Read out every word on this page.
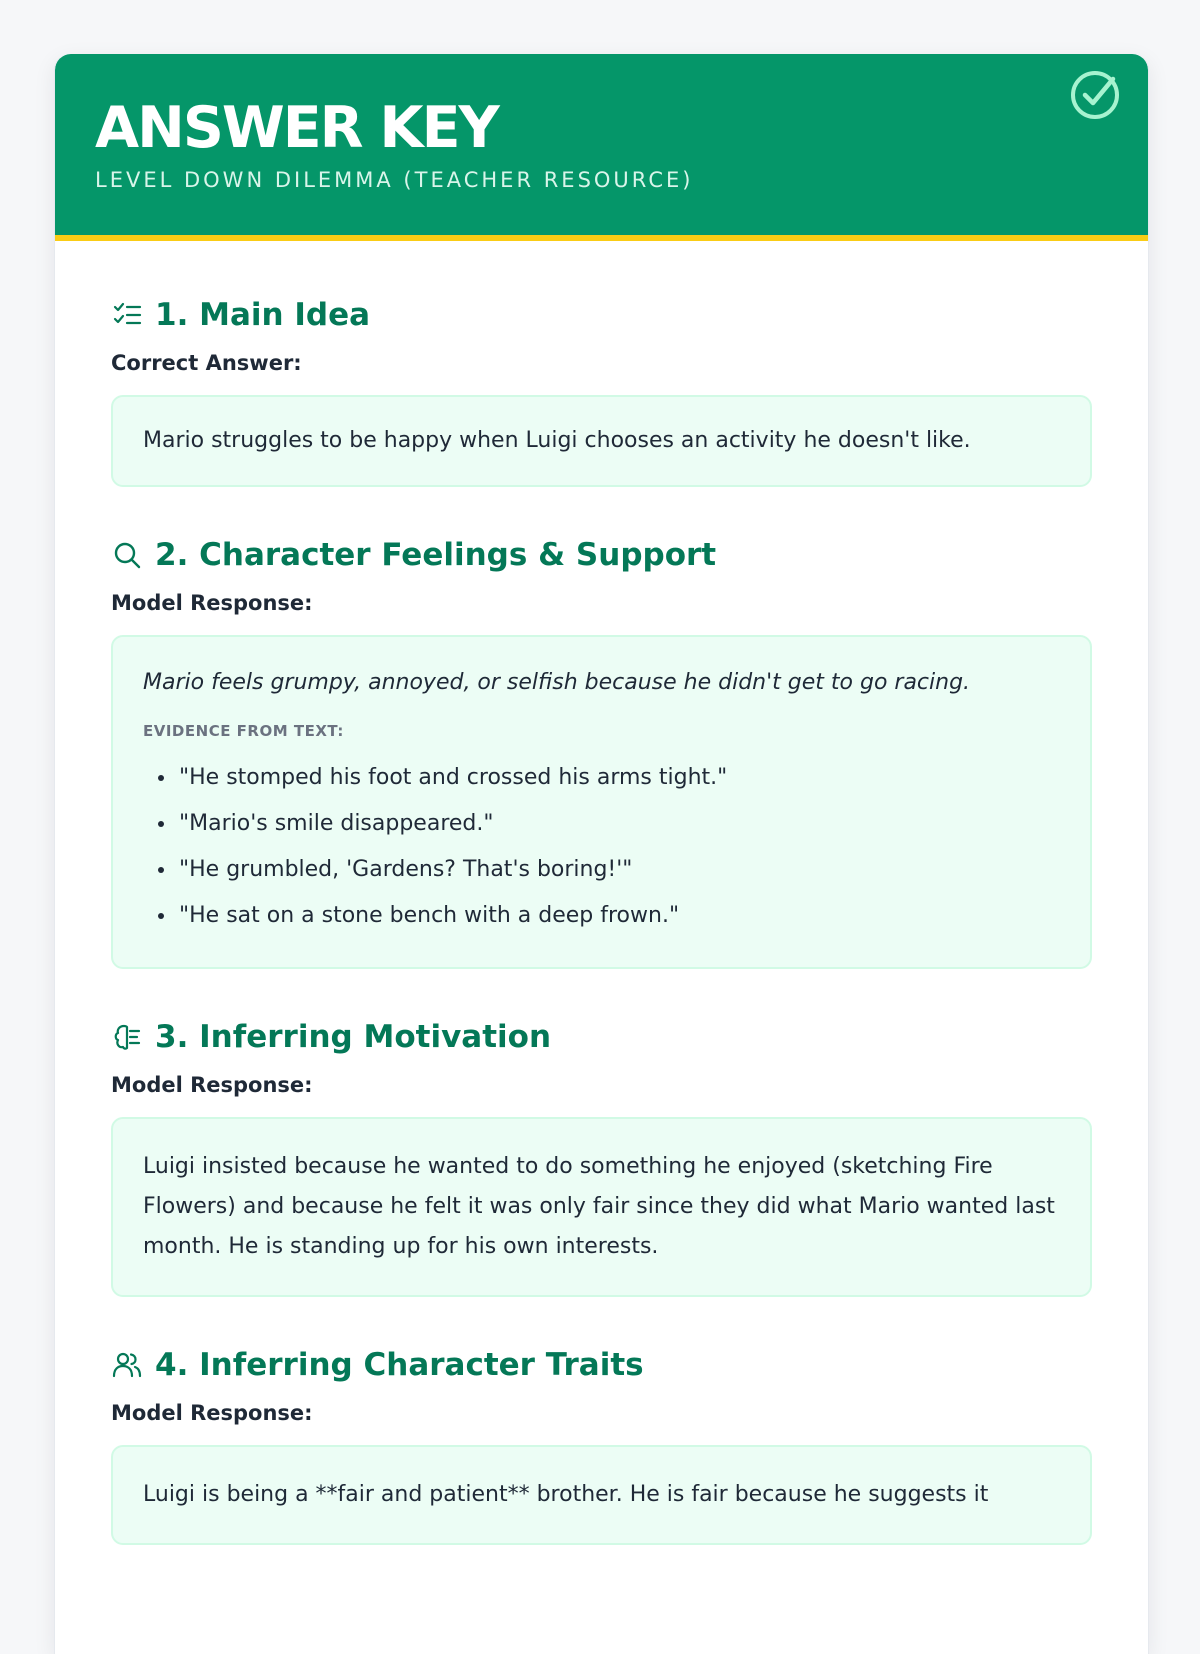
ANSWER KEY
LEVEL DOWN DILEMMA (TEACHER RESOURCE)
1. Main Idea
Correct Answer:
Mario struggles to be happy when Luigi chooses an activity he doesn't like.
2. Character Feelings & Support
Model Response:
Mario feels grumpy, annoyed, or selfish because he didn't get to go racing.
EVIDENCE FROM TEXT:
• "He stomped his foot and crossed his arms tight."
• "Mario's smile disappeared."
• "He grumbled, 'Gardens? That's boring!'"
• "He sat on a stone bench with a deep frown."
3. Inferring Motivation
Model Response:
Luigi insisted because he wanted to do something he enjoyed (sketching Fire Flowers) and because he felt it was only fair since they did what Mario wanted last month. He is standing up for his own interests.
4. Inferring Character Traits
Model Response:
Luigi is being a **fair and patient** brother. He is fair because he suggests it
